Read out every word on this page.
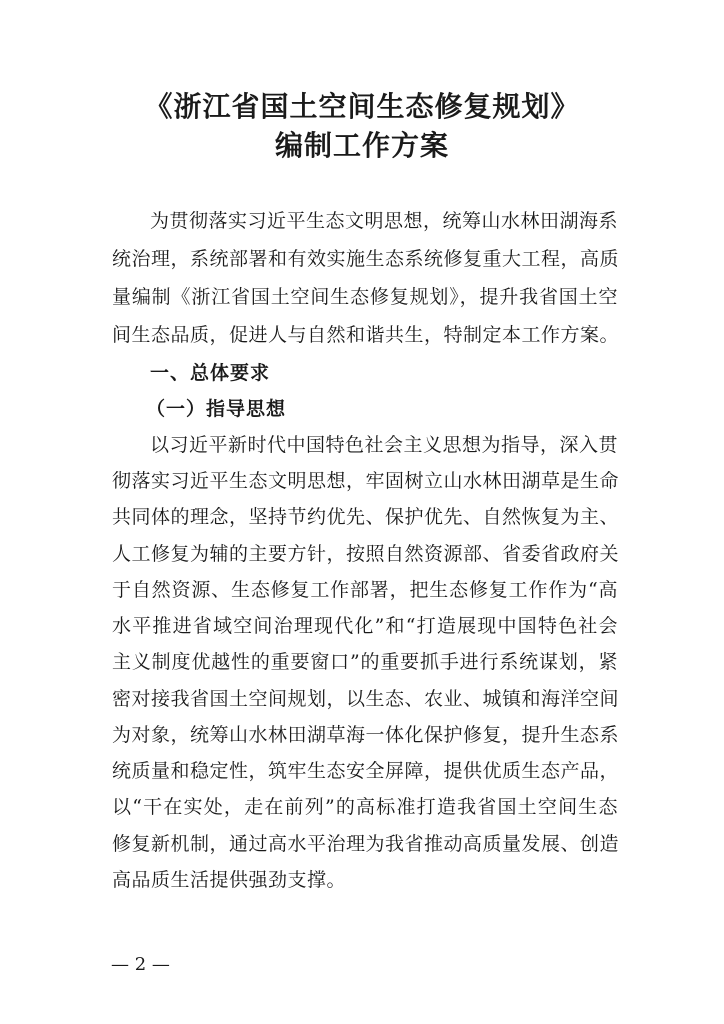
《浙江省国土空间生态修复规划》
编制工作方案
为贯彻落实习近平生态文明思想，统筹山水林田湖海系
统治理，系统部署和有效实施生态系统修复重大工程，高质
量编制《浙江省国土空间生态修复规划》，提升我省国土空
间生态品质，促进人与自然和谐共生，特制定本工作方案。
一、总体要求
（一）指导思想
以习近平新时代中国特色社会主义思想为指导，深入贯
彻落实习近平生态文明思想，牢固树立山水林田湖草是生命
共同体的理念，坚持节约优先、保护优先、自然恢复为主、
人工修复为辅的主要方针，按照自然资源部、省委省政府关
于自然资源、生态修复工作部署，把生态修复工作作为“高
水平推进省域空间治理现代化”和“打造展现中国特色社会
主义制度优越性的重要窗口”的重要抓手进行系统谋划，紧
密对接我省国土空间规划，以生态、农业、城镇和海洋空间
为对象，统筹山水林田湖草海一体化保护修复，提升生态系
统质量和稳定性，筑牢生态安全屏障，提供优质生态产品，
以“干在实处，走在前列”的高标准打造我省国土空间生态
修复新机制，通过高水平治理为我省推动高质量发展、创造
高品质生活提供强劲支撑。
— 2 —
